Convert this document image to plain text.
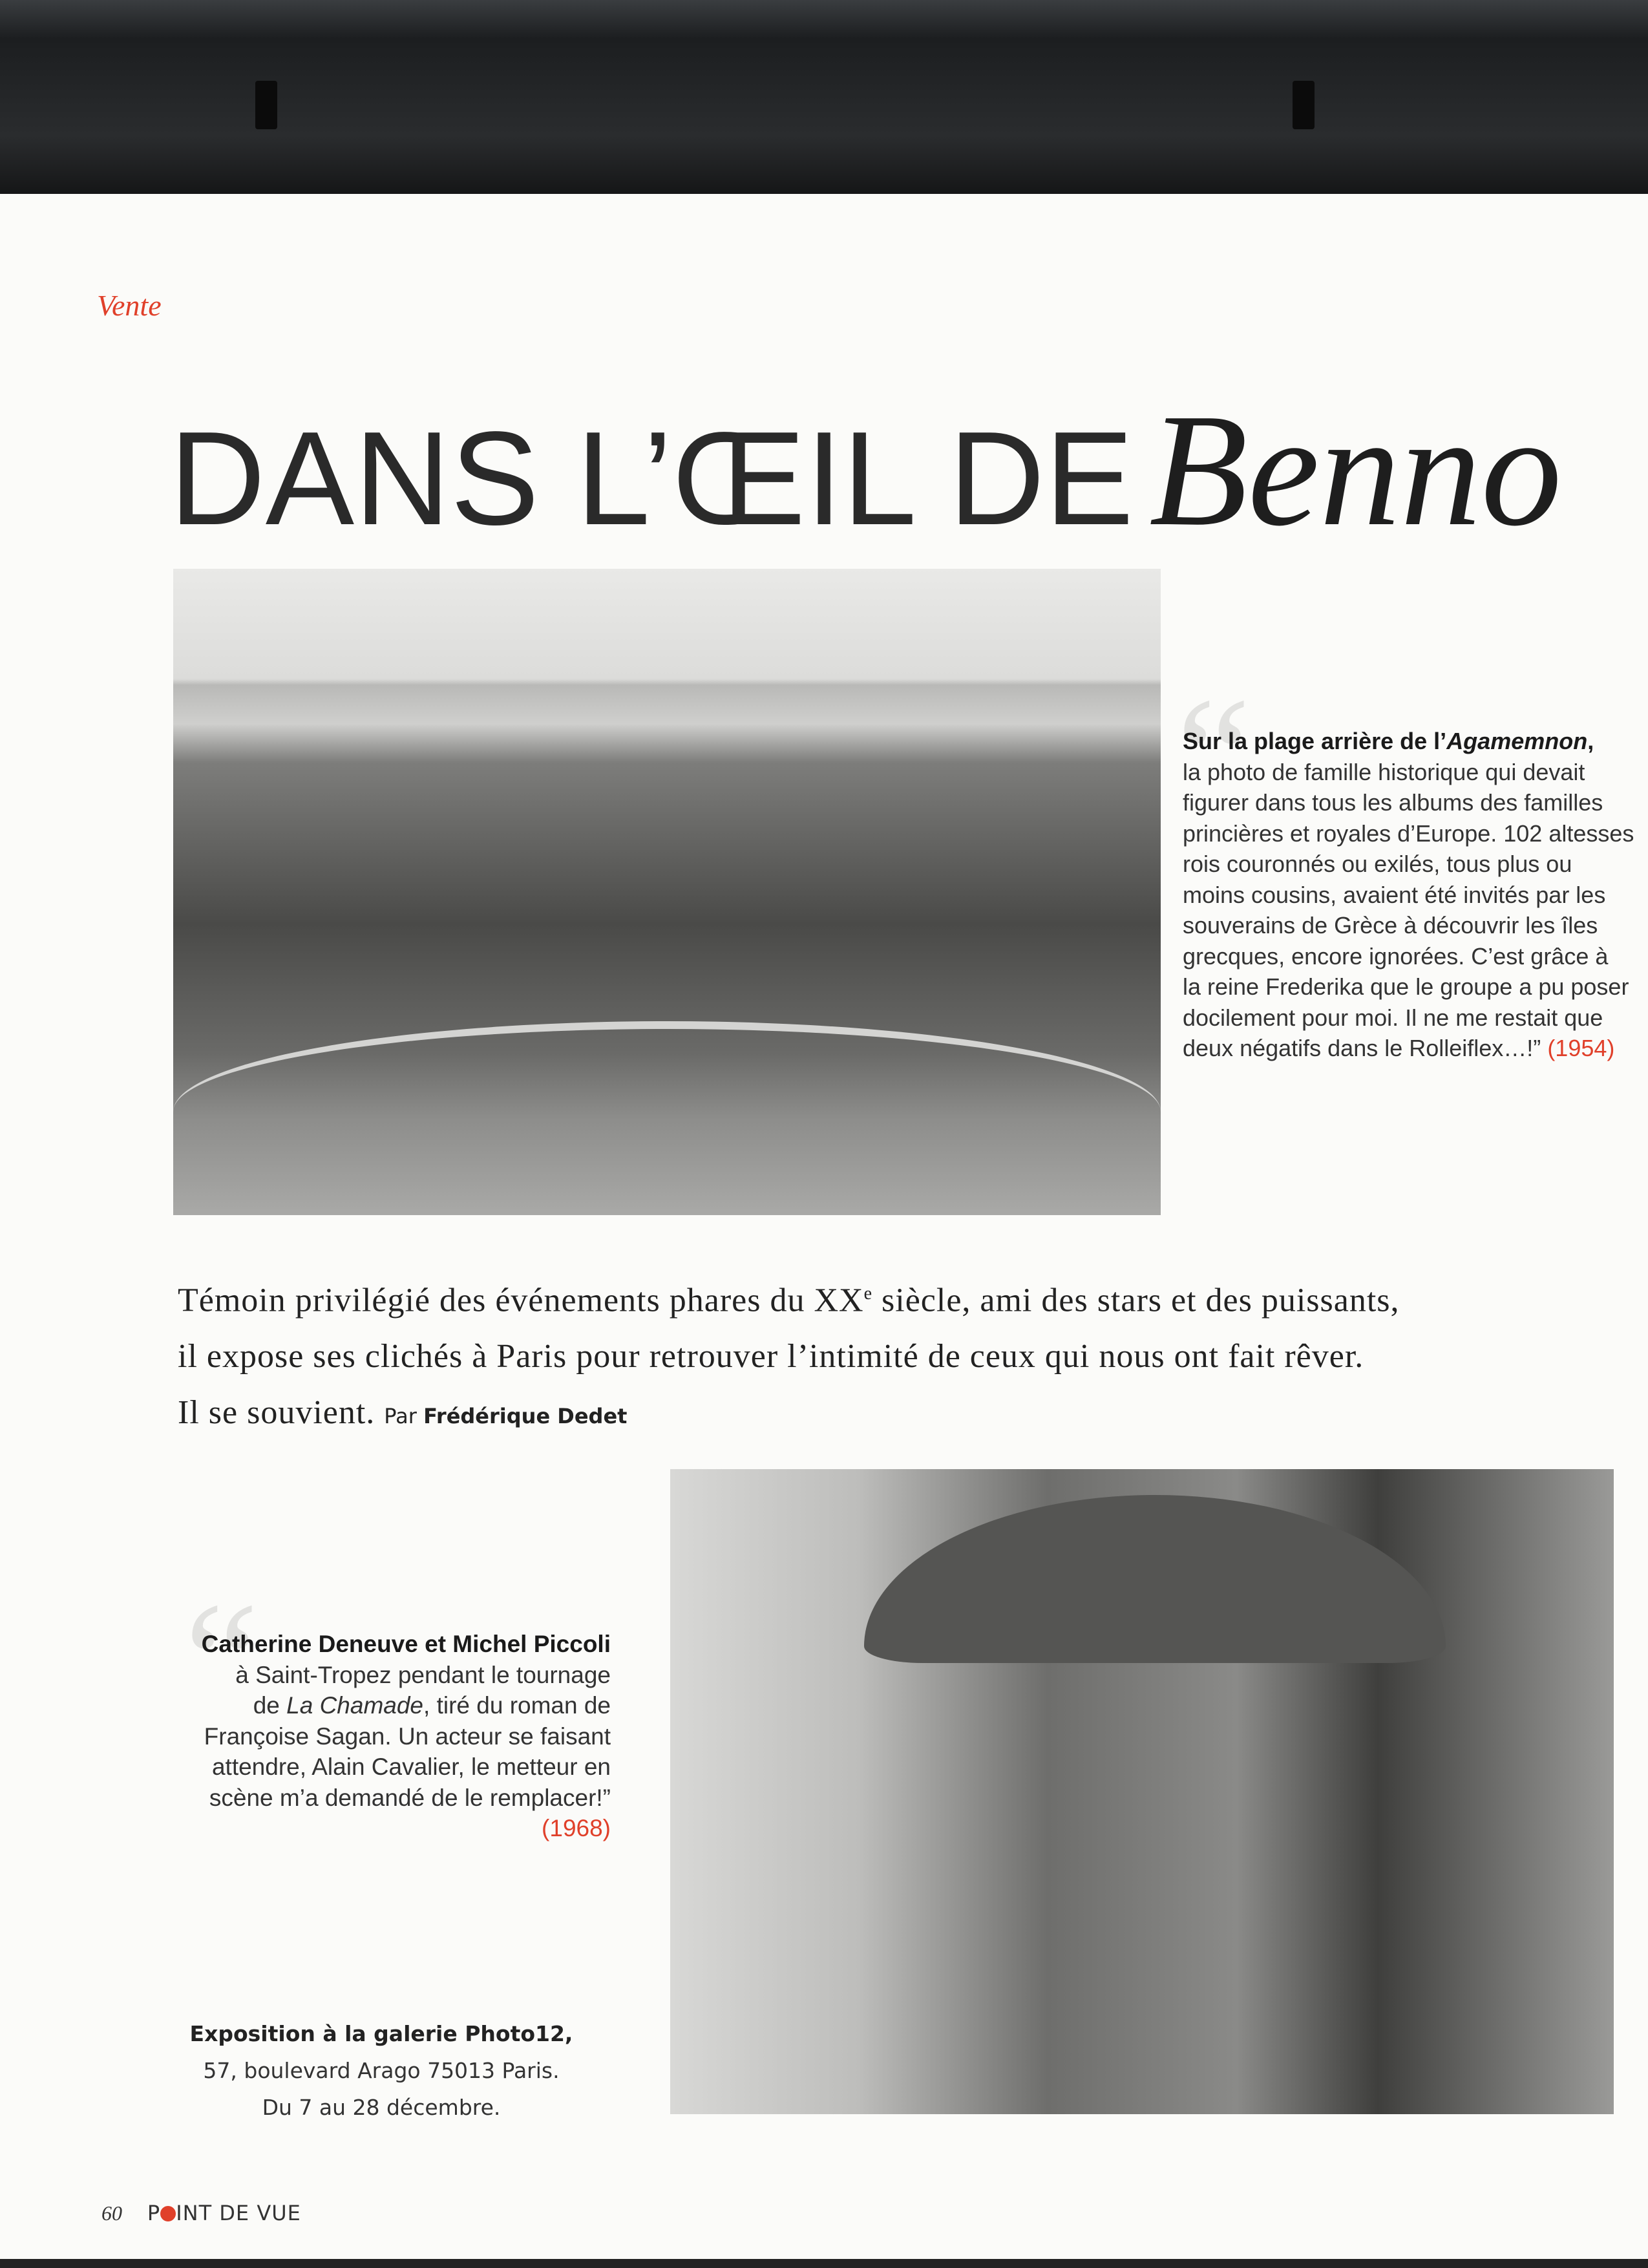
Vente
DANS L’ŒIL DEBenno
“
Sur la plage arrière de l’Agamemnon,
la photo de famille historique qui devait
figurer dans tous les albums des familles
princières et royales d’Europe. 102 altesses
rois couronnés ou exilés, tous plus ou
moins cousins, avaient été invités par les
souverains de Grèce à découvrir les îles
grecques, encore ignorées. C’est grâce à
la reine Frederika que le groupe a pu poser
docilement pour moi. Il ne me restait que
deux négatifs dans le Rolleiflex…!” (1954)
Témoin privilégié des événements phares du XXe siècle, ami des stars et des puissants,
il expose ses clichés à Paris pour retrouver l’intimité de ceux qui nous ont fait rêver.
Il se souvient. Par Frédérique Dedet
“
Catherine Deneuve et Michel Piccoli
à Saint-Tropez pendant le tournage
de La Chamade, tiré du roman de
Françoise Sagan. Un acteur se faisant
attendre, Alain Cavalier, le metteur en
scène m’a demandé de le remplacer!”
(1968)
Exposition à la galerie Photo12,
57, boulevard Arago 75013 Paris.
Du 7 au 28 décembre.
60 P INT DE VUE
